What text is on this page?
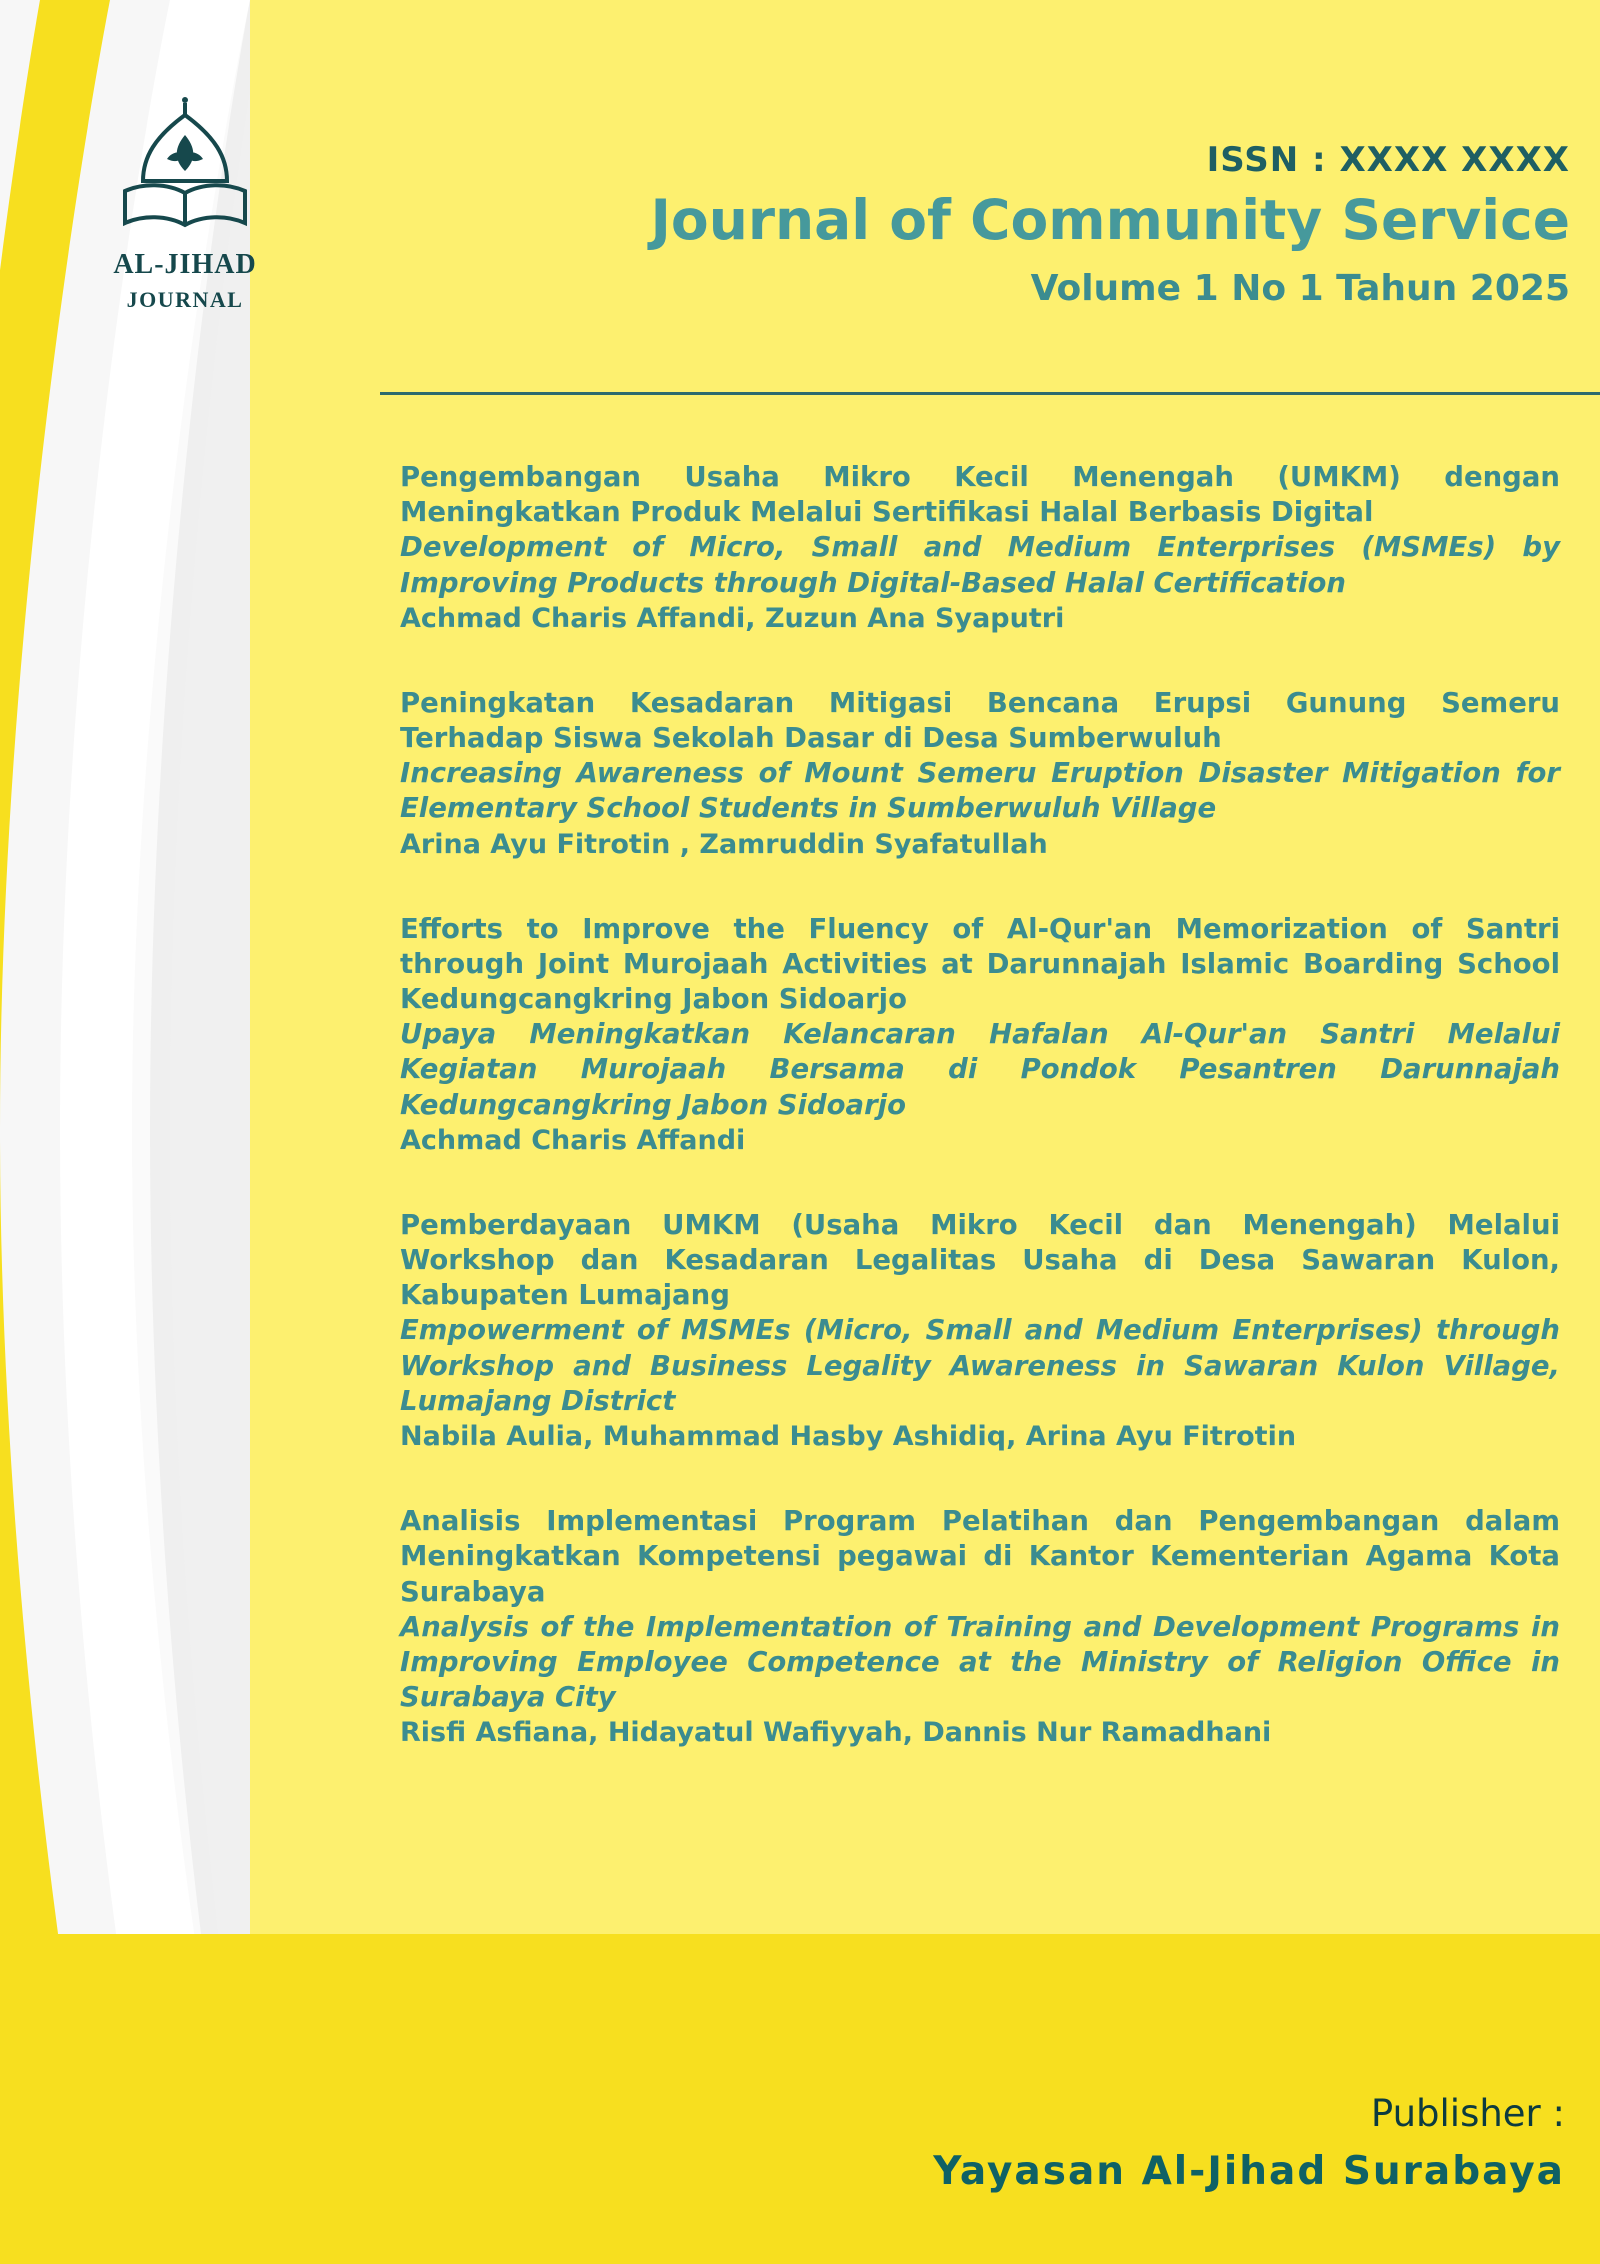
AL-JIHAD
JOURNAL
ISSN : XXXX XXXX
Journal of Community Service
Volume 1 No 1 Tahun 2025
Pengembangan Usaha Mikro Kecil Menengah (UMKM) dengan Meningkatkan Produk Melalui Sertifikasi Halal Berbasis Digital
Development of Micro, Small and Medium Enterprises (MSMEs) by Improving Products through Digital-Based Halal Certification
Achmad Charis Affandi, Zuzun Ana Syaputri
Peningkatan Kesadaran Mitigasi Bencana Erupsi Gunung Semeru Terhadap Siswa Sekolah Dasar di Desa Sumberwuluh
Increasing Awareness of Mount Semeru Eruption Disaster Mitigation for Elementary School Students in Sumberwuluh Village
Arina Ayu Fitrotin , Zamruddin Syafatullah
Efforts to Improve the Fluency of Al-Qur'an Memorization of Santri through Joint Murojaah Activities at Darunnajah Islamic Boarding School Kedungcangkring Jabon Sidoarjo
Upaya Meningkatkan Kelancaran Hafalan Al-Qur'an Santri Melalui Kegiatan Murojaah Bersama di Pondok Pesantren Darunnajah Kedungcangkring Jabon Sidoarjo
Achmad Charis Affandi
Pemberdayaan UMKM (Usaha Mikro Kecil dan Menengah) Melalui Workshop dan Kesadaran Legalitas Usaha di Desa Sawaran Kulon, Kabupaten Lumajang
Empowerment of MSMEs (Micro, Small and Medium Enterprises) through Workshop and Business Legality Awareness in Sawaran Kulon Village, Lumajang District
Nabila Aulia, Muhammad Hasby Ashidiq, Arina Ayu Fitrotin
Analisis Implementasi Program Pelatihan dan Pengembangan dalam Meningkatkan Kompetensi pegawai di Kantor Kementerian Agama Kota Surabaya
Analysis of the Implementation of Training and Development Programs in Improving Employee Competence at the Ministry of Religion Office in Surabaya City
Risfi Asfiana, Hidayatul Wafiyyah, Dannis Nur Ramadhani
Publisher :
Yayasan Al-Jihad Surabaya
